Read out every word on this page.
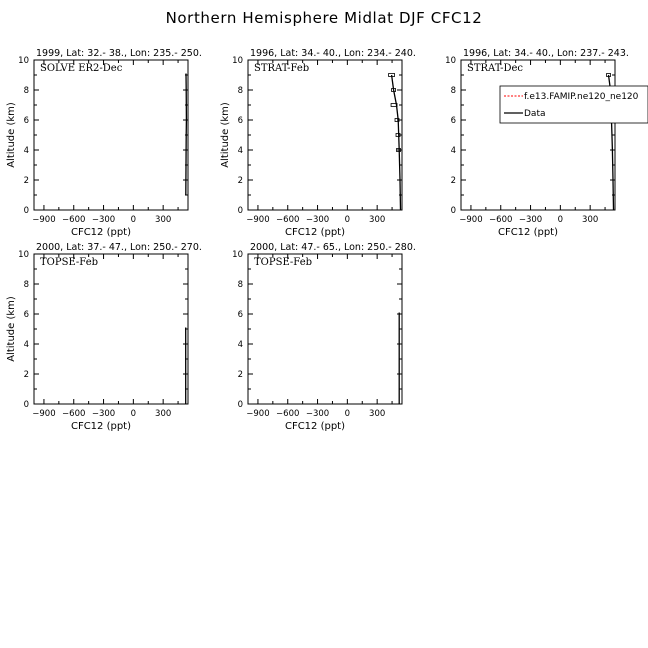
Northern Hemisphere Midlat DJF CFC12
1999, Lat: 32.- 38., Lon: 235.- 250.
−900 −600 −300 0 300
0
2
4
6
8
10
CFC12 (ppt)
Altitude (km)
SOLVE ER2-Dec
1996, Lat: 34.- 40., Lon: 234.- 240.
−900 −600 −300 0 300
0
2
4
6
8
10
CFC12 (ppt)
Altitude (km)
STRAT-Feb
1996, Lat: 34.- 40., Lon: 237.- 243.
−900 −600 −300 0 300
0
2
4
6
8
10
CFC12 (ppt)
STRAT-Dec
2000, Lat: 37.- 47., Lon: 250.- 270.
−900 −600 −300 0 300
0
2
4
6
8
10
CFC12 (ppt)
Altitude (km)
TOPSE-Feb
2000, Lat: 47.- 65., Lon: 250.- 280.
−900 −600 −300 0 300
0
2
4
6
8
10
CFC12 (ppt)
TOPSE-Feb
f.e13.FAMIP.ne120_ne120
Data
